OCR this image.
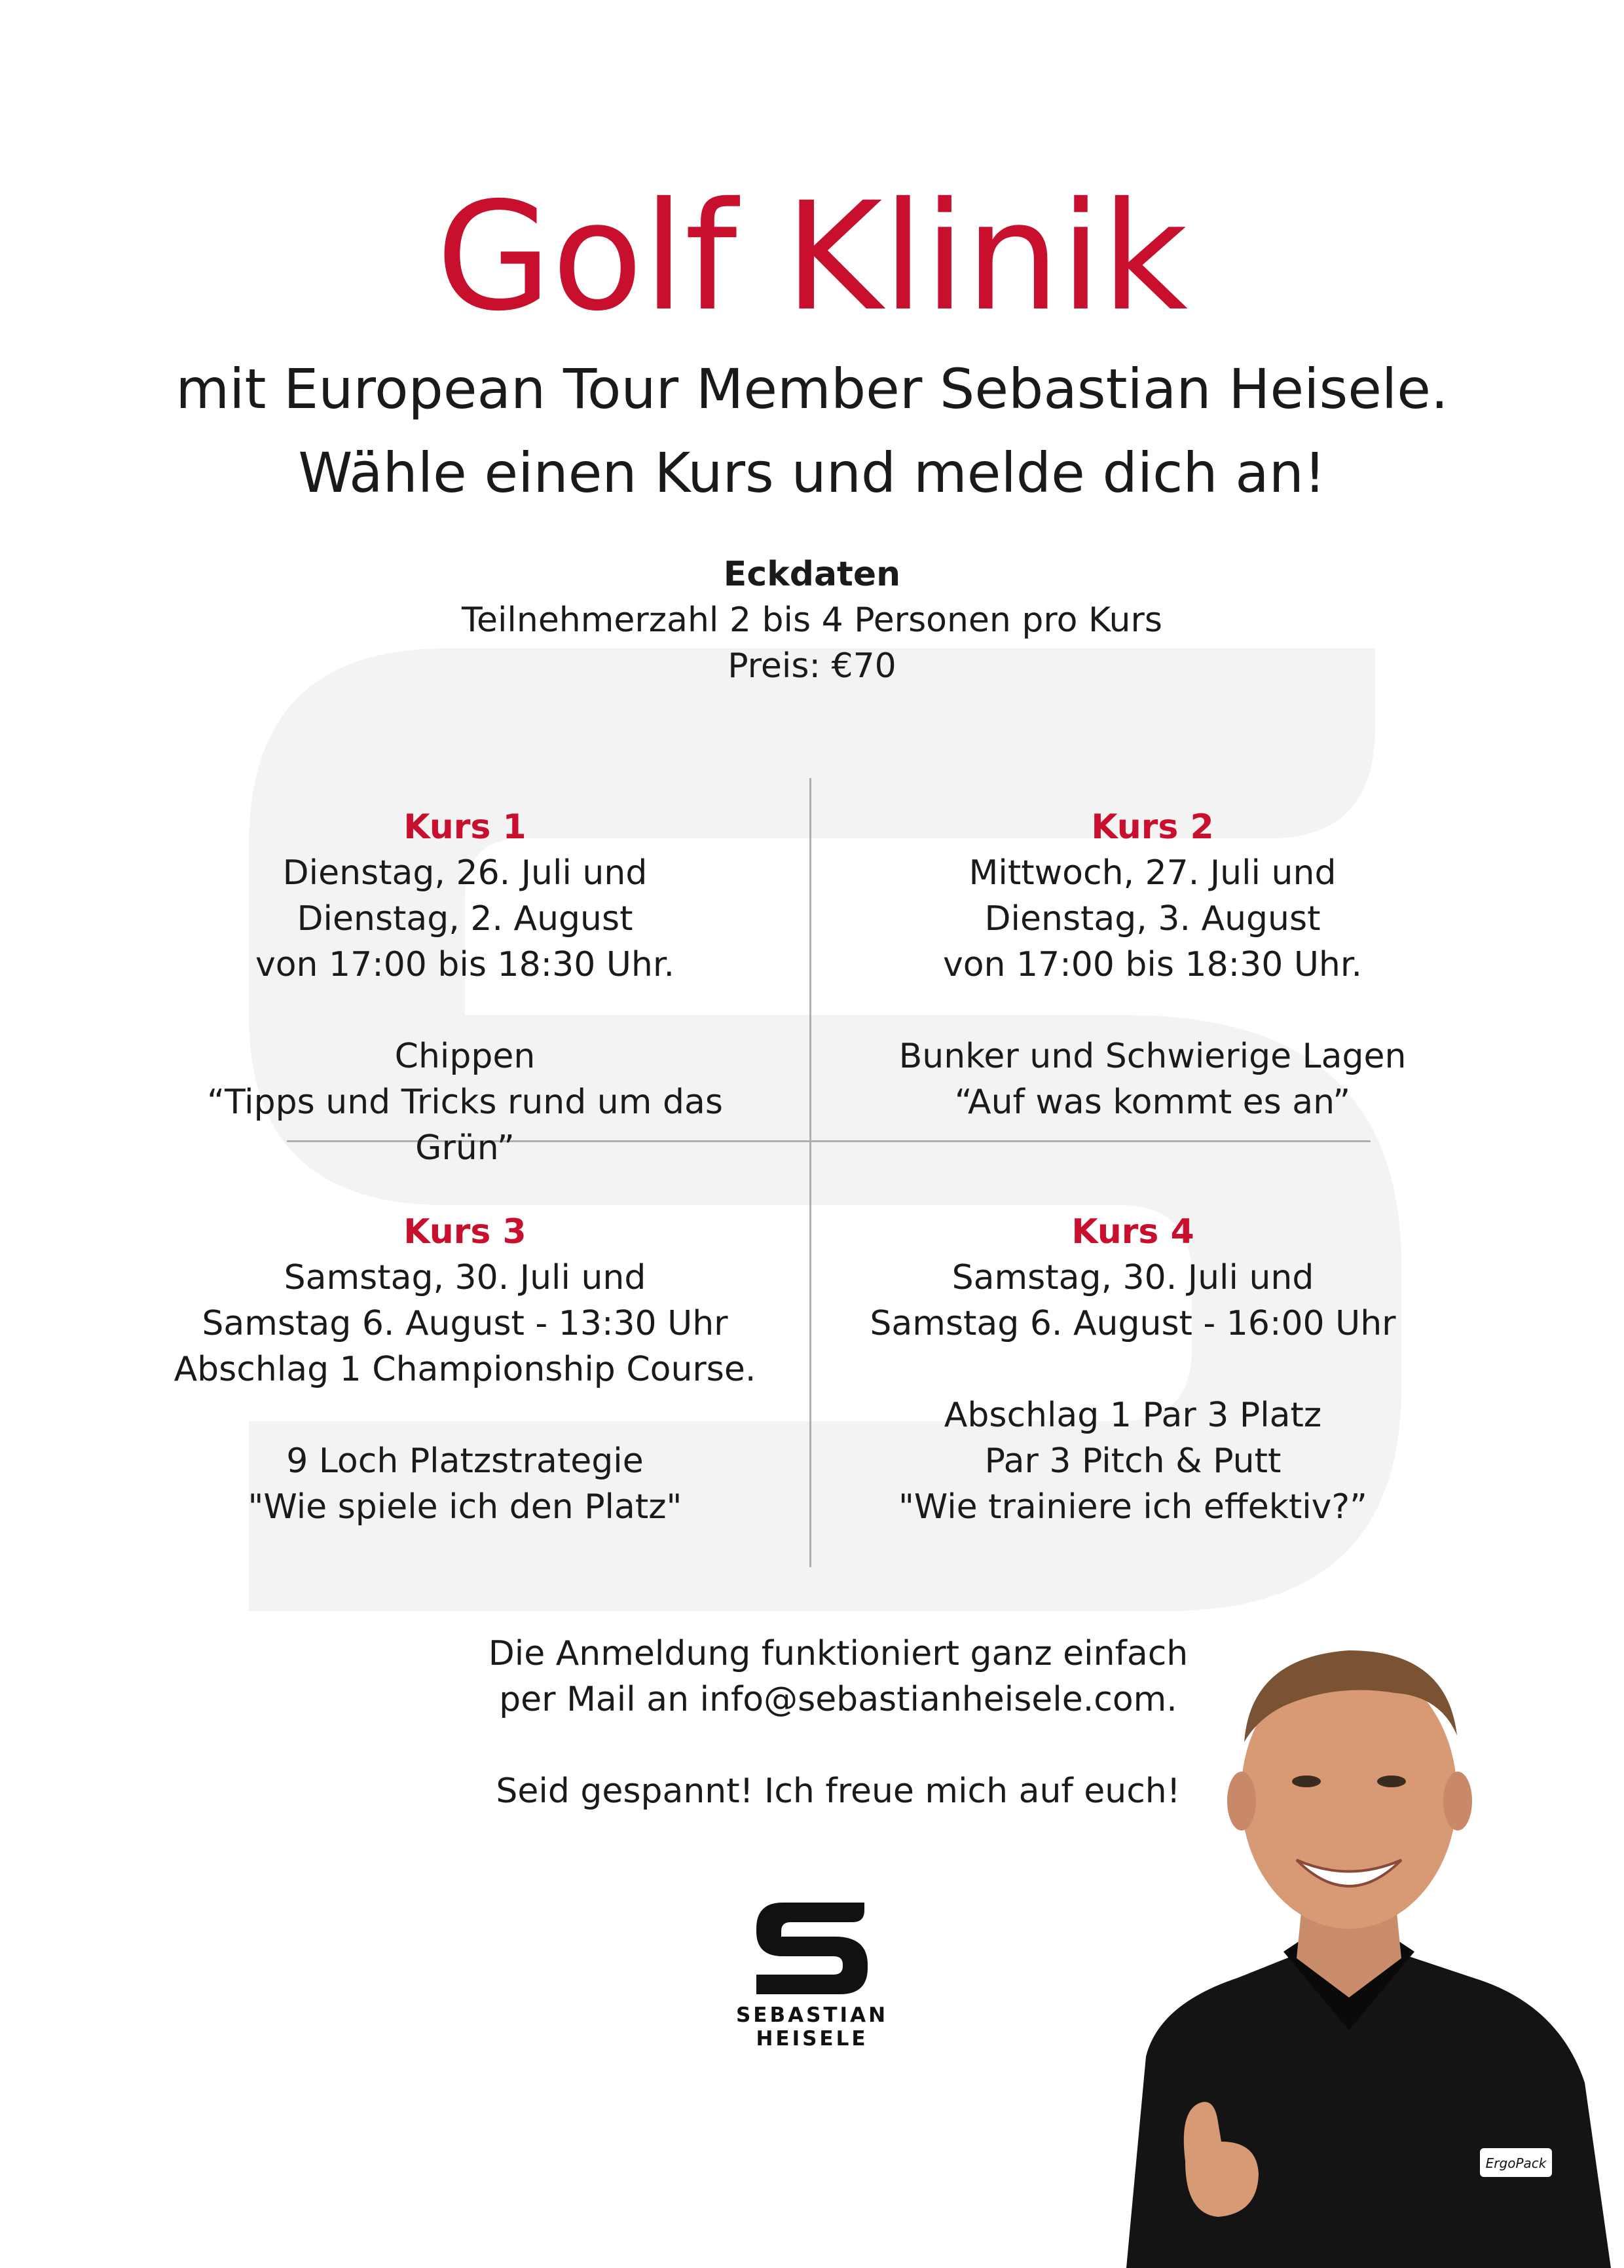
Golf Klinik
mit European Tour Member Sebastian Heisele.
Wähle einen Kurs und melde dich an!
Eckdaten
Teilnehmerzahl 2 bis 4 Personen pro Kurs
Preis: €70
Kurs 1
Dienstag, 26. Juli und
Dienstag, 2. August
von 17:00 bis 18:30 Uhr.
Chippen
“Tipps und Tricks rund um das Grün”
Kurs 2
Mittwoch, 27. Juli und
Dienstag, 3. August
von 17:00 bis 18:30 Uhr.
Bunker und Schwierige Lagen
“Auf was kommt es an”
Kurs 3
Samstag, 30. Juli und
Samstag 6. August - 13:30 Uhr
Abschlag 1 Championship Course.
9 Loch Platzstrategie
"Wie spiele ich den Platz"
Kurs 4
Samstag, 30. Juli und
Samstag 6. August - 16:00 Uhr
Abschlag 1 Par 3 Platz
Par 3 Pitch & Putt
"Wie trainiere ich effektiv?”
Die Anmeldung funktioniert ganz einfach
per Mail an info@sebastianheisele.com.
Seid gespannt! Ich freue mich auf euch!
SEBASTIAN
HEISELE
ErgoPack
